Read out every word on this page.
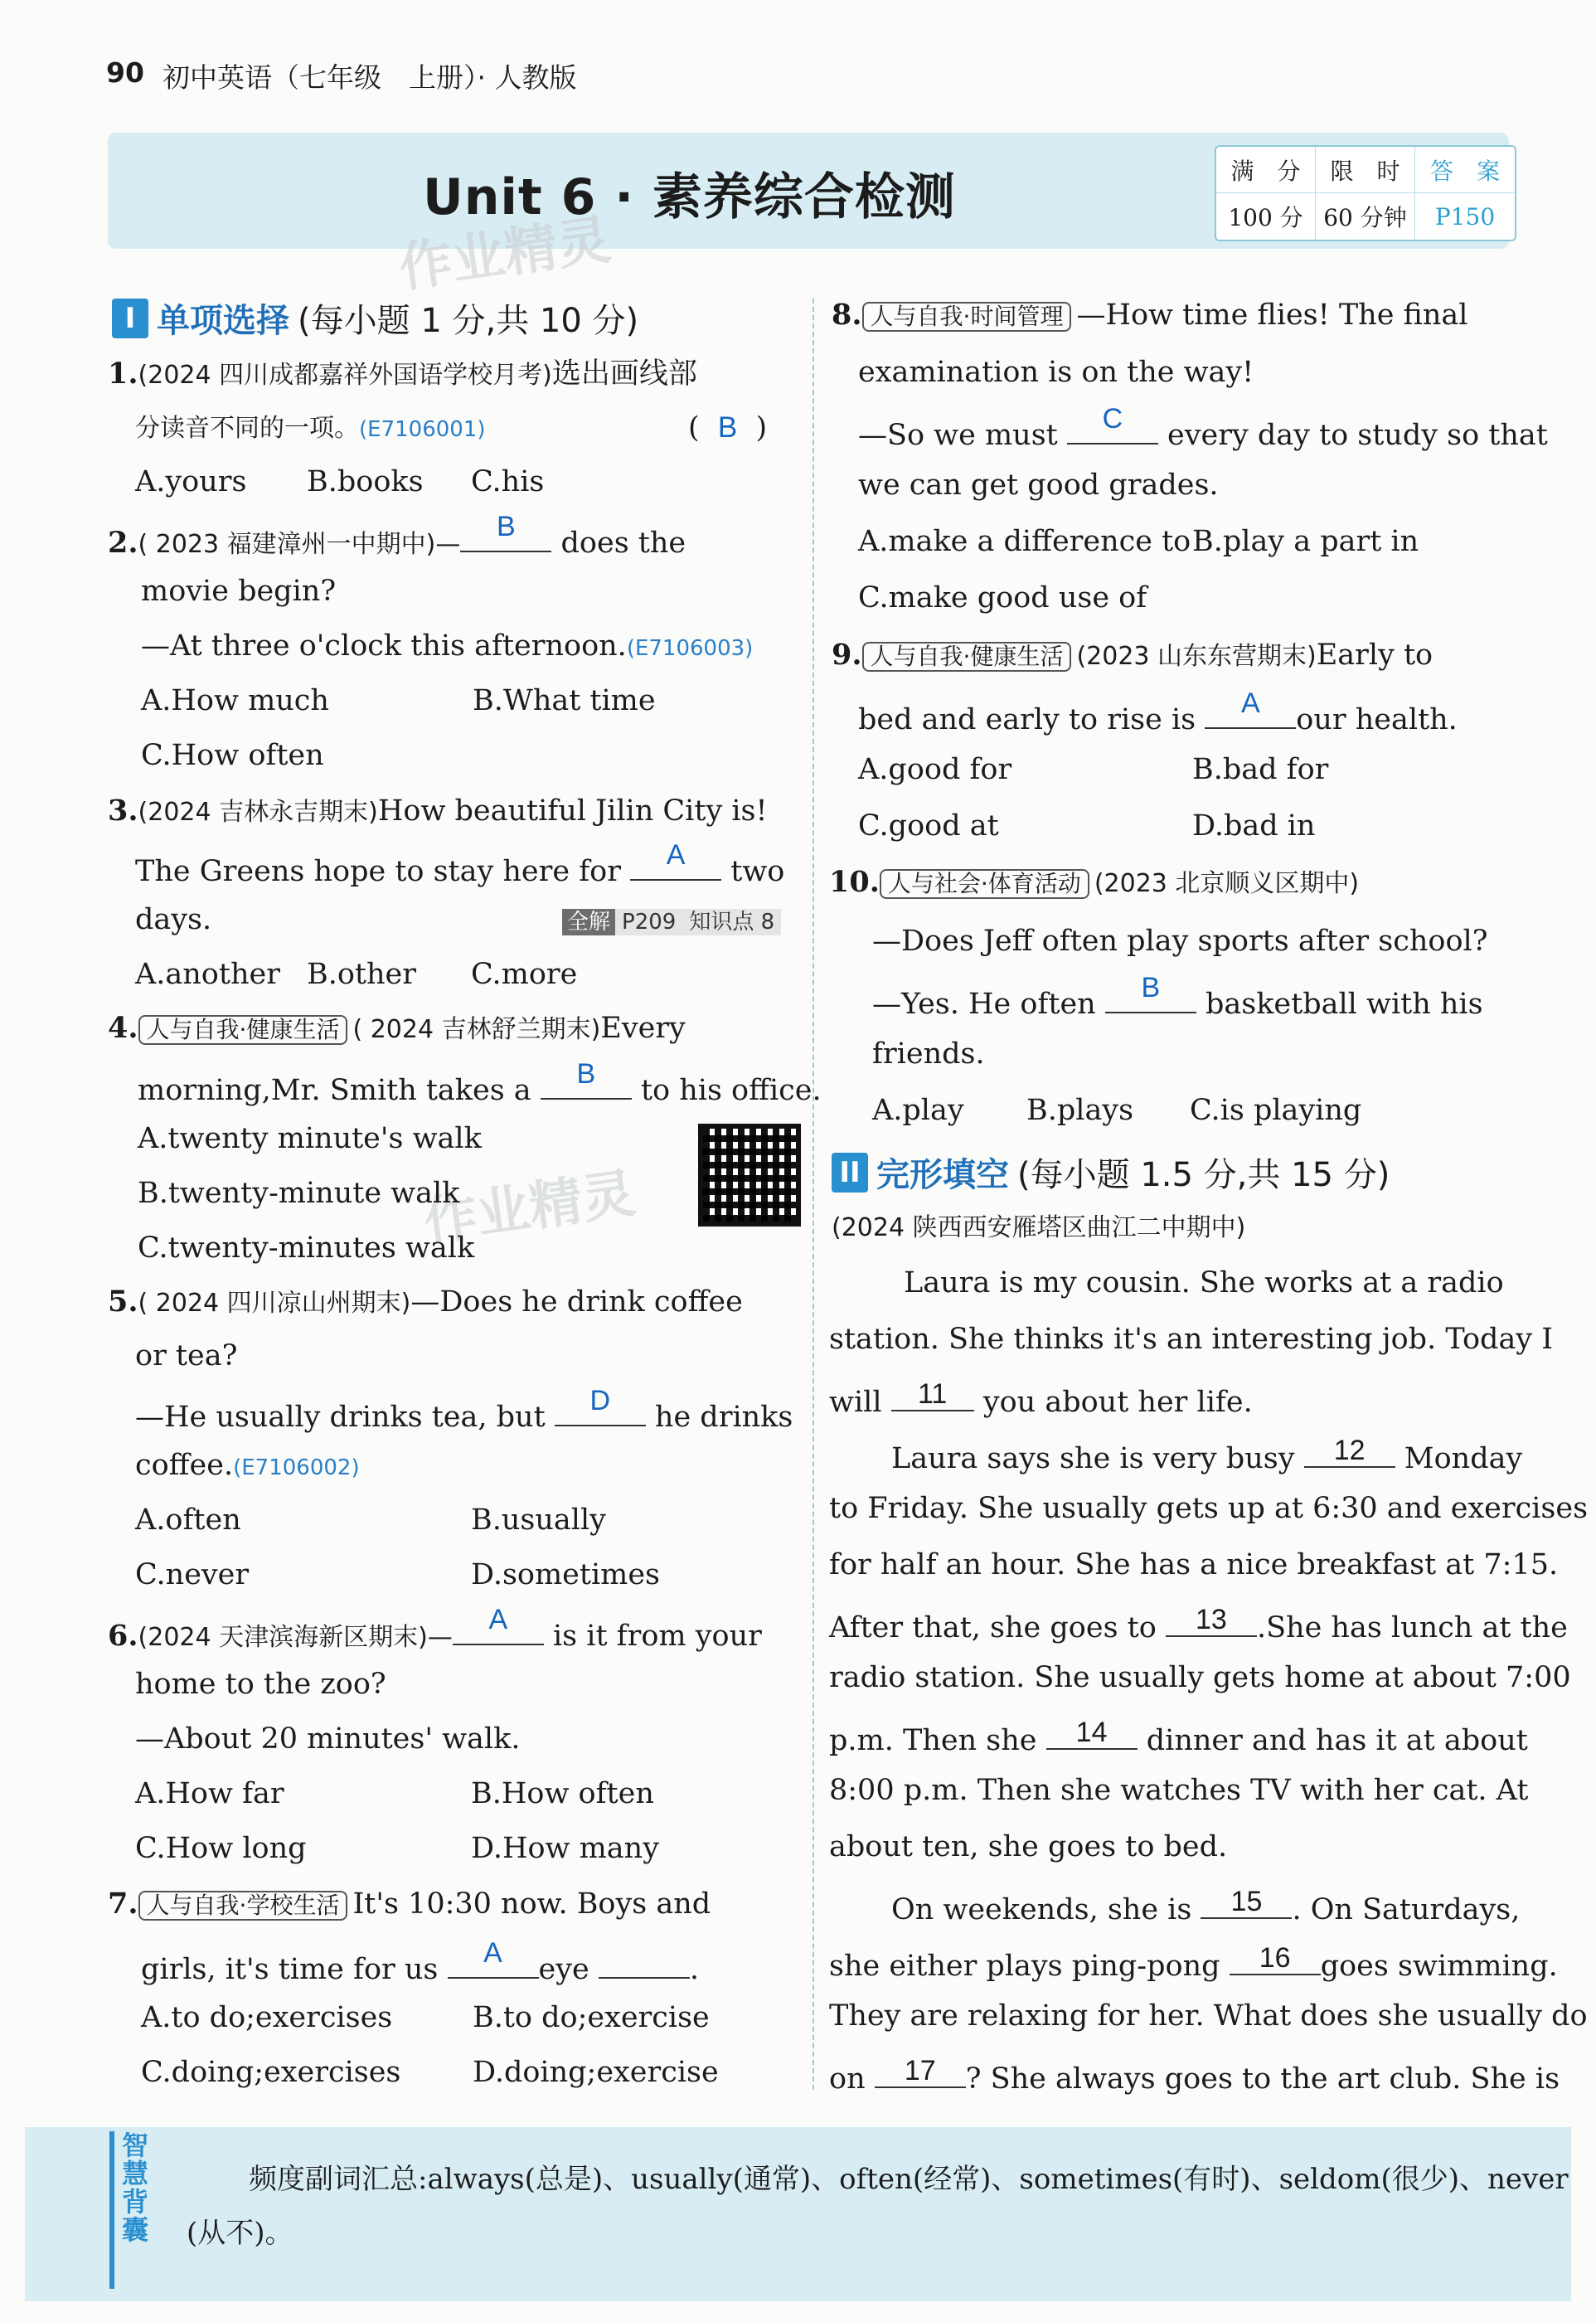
90 初中英语（七年级　上册）· 人教版
Unit 6 · 素养综合检测	满　分	限　时	答　案
100 分 60 分钟	P150
作业精灵
作业精灵
I 单项选择 (每小题 1 分,共 10 分)
1.(2024 四川成都嘉祥外国语学校月考)选出画线部
分读音不同的一项。(E7106001)	( B )
A.yours B.books C.his
2.( 2023 福建漳州一中期中)—
B	does the
movie begin?
—At three o'clock this afternoon.(E7106003)
A.How much	B.What time
C.How often
3.(2024 吉林永吉期末)How beautiful Jilin City is!
The Greens hope to stay here for	A	two
days.	全解 P209 知识点 8
A.another B.other C.more
4. 人与自我·健康生活 ( 2024 吉林舒兰期末)Every
morning,Mr. Smith takes a	B	to his office.
A.twenty minute's walk
B.twenty-minute walk
C.twenty-minutes walk
5.( 2024 四川凉山州期末)—Does he drink coffee
or tea?
—He usually drinks tea, but	D	he drinks
coffee.(E7106002)
A.often	B.usually
C.never	D.sometimes
6.(2024 天津滨海新区期末)—
A	is it from your
home to the zoo?
—About 20 minutes' walk.
A.How far	B.How often
C.How long	D.How many
7. 人与自我·学校生活 It's 10:30 now. Boys and
girls, it's time for us	A	eye	.
A.to do;exercises	B.to do;exercise
C.doing;exercises D.doing;exercise
8. 人与自我·时间管理 —How time flies! The final
examination is on the way!
—So we must	C	every day to study so that
we can get good grades.
A.make a difference to B.play a part in
C.make good use of
9. 人与自我·健康生活 (2023 山东东营期末)Early to
bed and early to rise is	A	our health.
A.good for	B.bad for
C.good at	D.bad in
10. 人与社会·体育活动 (2023 北京顺义区期中)
—Does Jeff often play sports after school?
—Yes. He often	B	basketball with his
friends.
A.play B.plays C.is playing
II 完形填空 (每小题 1.5 分,共 15 分)
(2024 陕西西安雁塔区曲江二中期中)
Laura is my cousin. She works at a radio
station. She thinks it's an interesting job. Today I
will	11	you about her life.
Laura says she is very busy	12	Monday
to Friday. She usually gets up at 6:30 and exercises
for half an hour. She has a nice breakfast at 7:15.
After that, she goes to	13	.She has lunch at the
radio station. She usually gets home at about 7:00
p.m. Then she	14	dinner and has it at about
8:00 p.m. Then she watches TV with her cat. At
about ten, she goes to bed.
On weekends, she is	15	. On Saturdays,
she either plays ping-pong	16	goes swimming.
They are relaxing for her. What does she usually do
on	17	? She always goes to the art club. She is
智慧背囊	频度副词汇总:always(总是)、usually(通常)、often(经常)、sometimes(有时)、seldom(很少)、never
(从不)。
